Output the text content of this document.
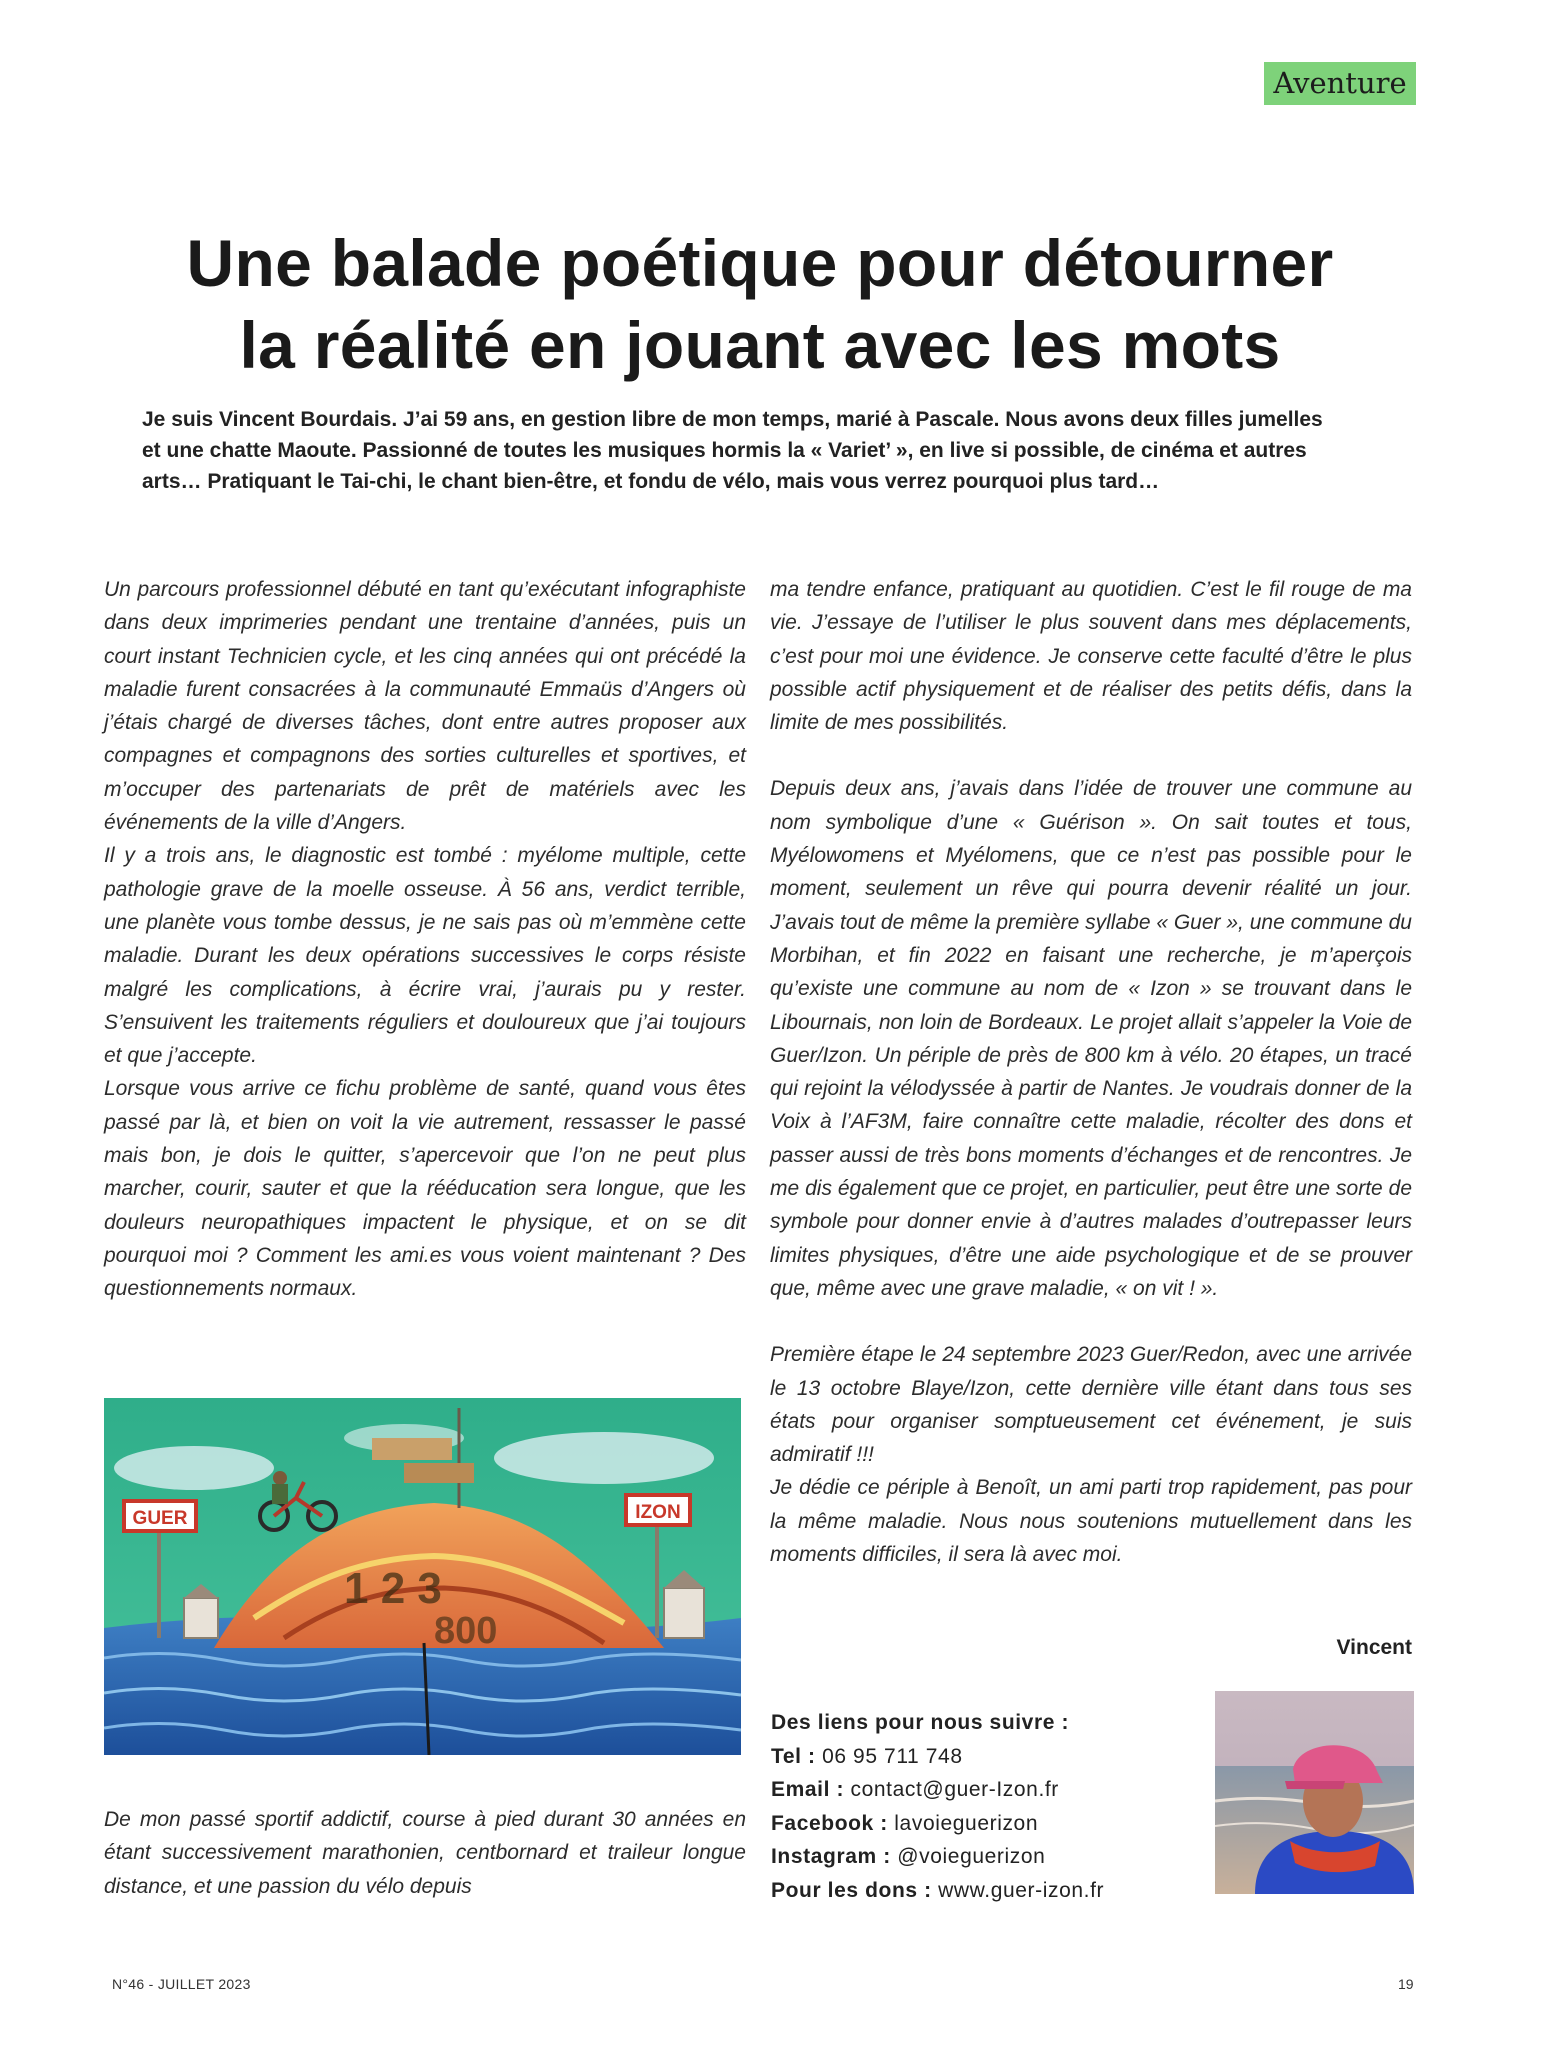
Aventure
Une balade poétique pour détourner
la réalité en jouant avec les mots
Je suis Vincent Bourdais. J’ai 59 ans, en gestion libre de mon temps, marié à Pascale. Nous avons deux filles jumelles
et une chatte Maoute. Passionné de toutes les musiques hormis la « Variet’ », en live si possible, de cinéma et autres
arts… Pratiquant le Tai-chi, le chant bien-être, et fondu de vélo, mais vous verrez pourquoi plus tard…

Un parcours professionnel débuté en tant qu’exécutant infographiste dans deux imprimeries pendant une trentaine d’années, puis un court instant Technicien cycle, et les cinq années qui ont précédé la maladie furent consacrées à la communauté Emmaüs d’Angers où j’étais chargé de diverses tâches, dont entre autres proposer aux compagnes et compagnons des sorties culturelles et sportives, et m’occuper des partenariats de prêt de matériels avec les événements de la ville d’Angers.

Il y a trois ans, le diagnostic est tombé : myélome multiple, cette pathologie grave de la moelle osseuse. À 56 ans, verdict terrible, une planète vous tombe dessus, je ne sais pas où m’emmène cette maladie. Durant les deux opérations successives le corps résiste malgré les complications, à écrire vrai, j’aurais pu y rester. S’ensuivent les traitements réguliers et douloureux que j’ai toujours et que j’accepte.

Lorsque vous arrive ce fichu problème de santé, quand vous êtes passé par là, et bien on voit la vie autrement, ressasser le passé mais bon, je dois le quitter, s’apercevoir que l’on ne peut plus marcher, courir, sauter et que la rééducation sera longue, que les douleurs neuropathiques impactent le physique, et on se dit pourquoi moi ? Comment les ami.es vous voient maintenant ? Des questionnements normaux.

1 2 3
800
GUER	IZON

De mon passé sportif addictif, course à pied durant 30 années en étant successivement marathonien, centbornard et traileur longue distance, et une passion du vélo depuis

ma tendre enfance, pratiquant au quotidien. C’est le fil rouge de ma vie. J’essaye de l’utiliser le plus souvent dans mes déplacements, c’est pour moi une évidence. Je conserve cette faculté d’être le plus possible actif physiquement et de réaliser des petits défis, dans la limite de mes possibilités.

Depuis deux ans, j’avais dans l’idée de trouver une commune au nom symbolique d’une « Guérison ». On sait toutes et tous, Myélowomens et Myélomens, que ce n’est pas possible pour le moment, seulement un rêve qui pourra devenir réalité un jour. J’avais tout de même la première syllabe « Guer », une commune du Morbihan, et fin 2022 en faisant une recherche, je m’aperçois qu’existe une commune au nom de « Izon » se trouvant dans le Libournais, non loin de Bordeaux. Le projet allait s’appeler la Voie de Guer/Izon. Un périple de près de 800 km à vélo. 20 étapes, un tracé qui rejoint la vélodyssée à partir de Nantes. Je voudrais donner de la Voix à l’AF3M, faire connaître cette maladie, récolter des dons et passer aussi de très bons moments d’échanges et de rencontres. Je me dis également que ce projet, en particulier, peut être une sorte de symbole pour donner envie à d’autres malades d’outrepasser leurs limites physiques, d’être une aide psychologique et de se prouver que, même avec une grave maladie, « on vit ! ».

Première étape le 24 septembre 2023 Guer/Redon, avec une arrivée le 13 octobre Blaye/Izon, cette dernière ville étant dans tous ses états pour organiser somptueusement cet événement, je suis admiratif !!!

Je dédie ce périple à Benoît, un ami parti trop rapidement, pas pour la même maladie. Nous nous soutenions mutuellement dans les moments difficiles, il sera là avec moi.

Vincent
Des liens pour nous suivre :
Tel : 06 95 711 748
Email : contact@guer-Izon.fr
Facebook : lavoieguerizon
Instagram : @voieguerizon
Pour les dons : www.guer-izon.fr
N°46 - JUILLET 2023	19
